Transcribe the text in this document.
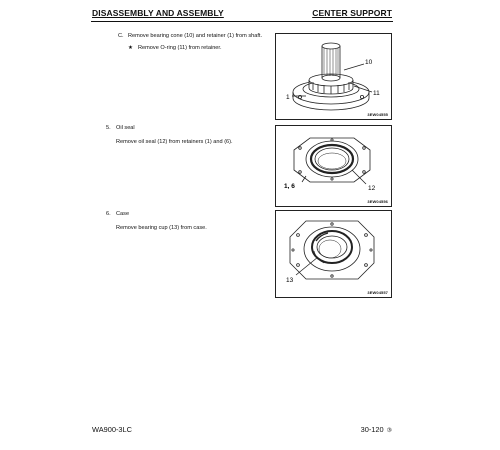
DISASSEMBLY AND ASSEMBLY	CENTER SUPPORT
C. Remove bearing cone (10) and retainer (1) from shaft.
★ Remove O-ring (11) from retainer.
10
11
1
3EW04555
5. Oil seal
Remove oil seal (12) from retainers (1) and (6).
1, 6	12
3EW04556
6. Case
Remove bearing cup (13) from case.
13
3EW04557
WA900-3LC	30-120 ③
